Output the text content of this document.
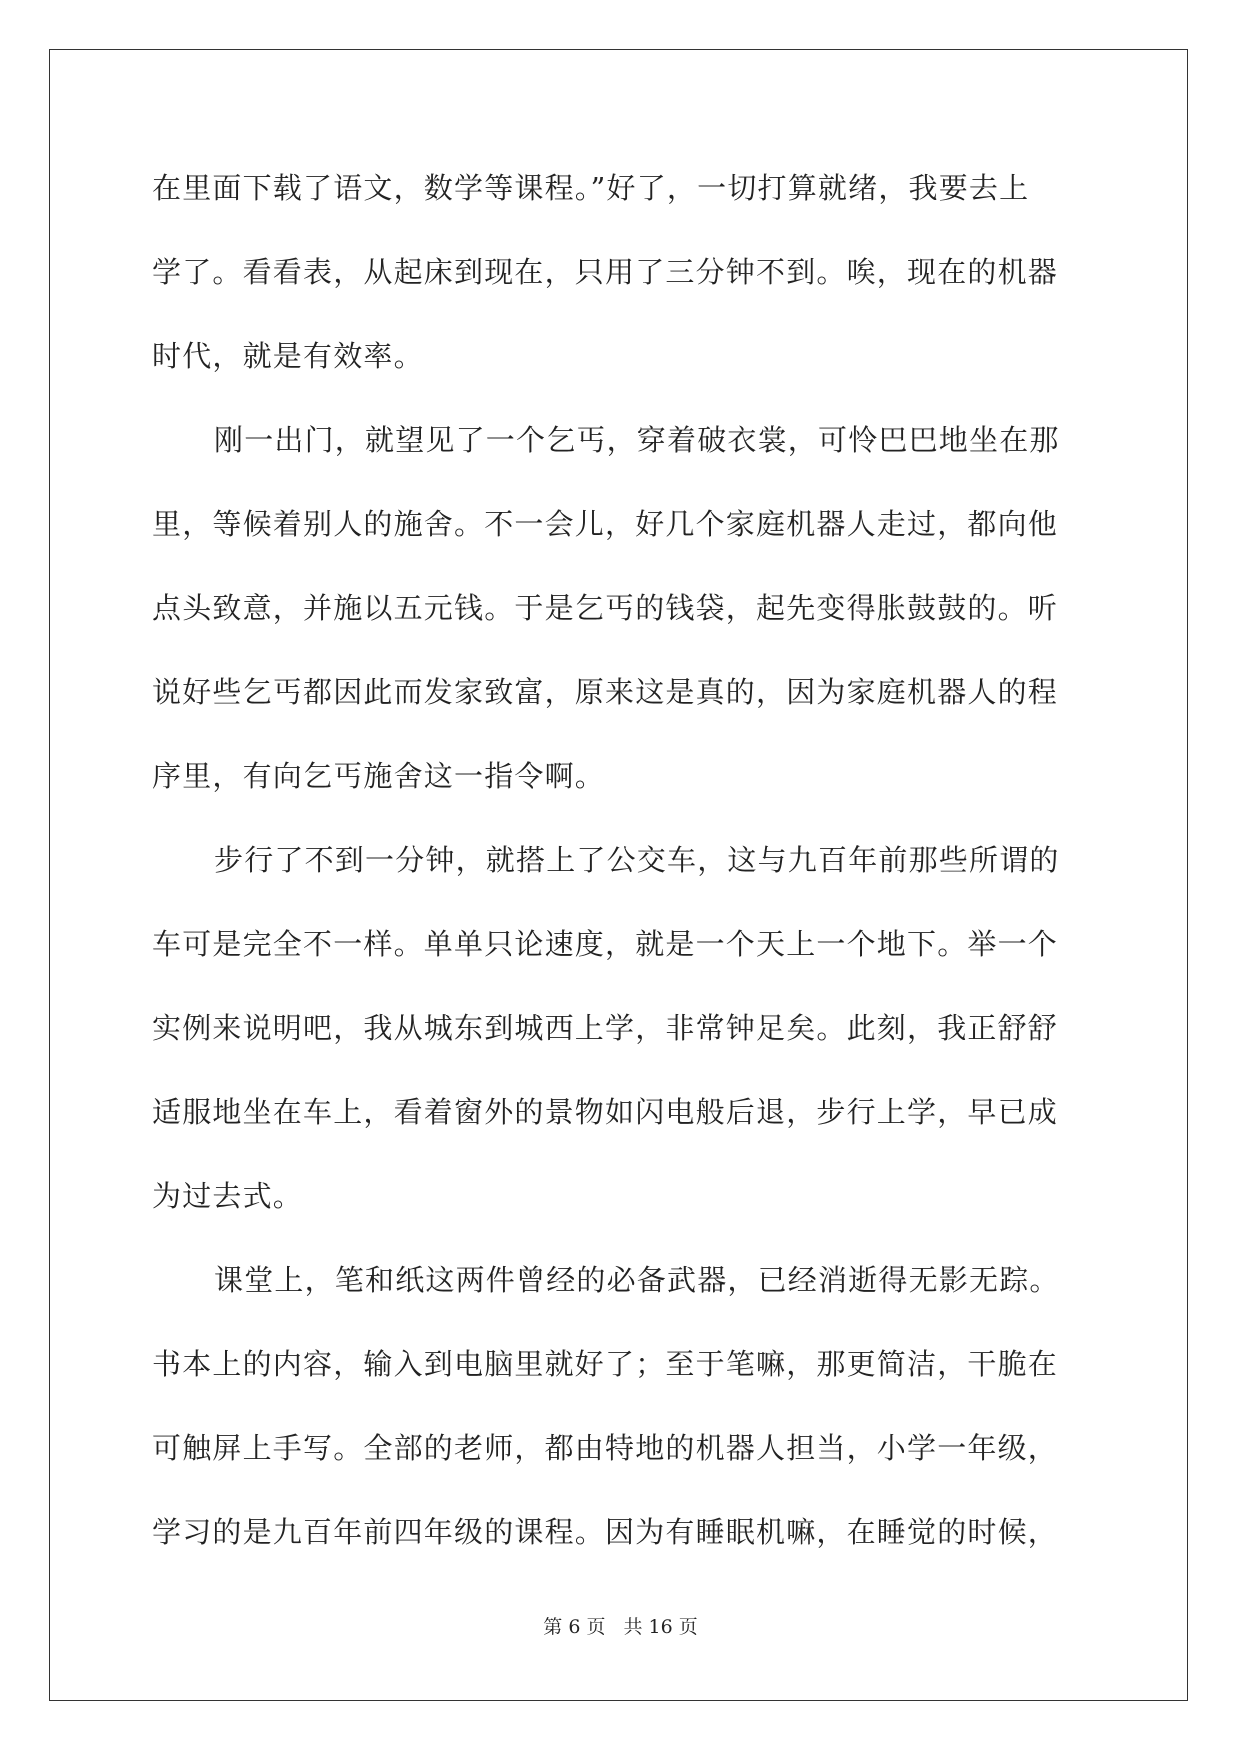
在里面下载了语文，数学等课程。”好了，一切打算就绪，我要去上
学了。看看表，从起床到现在，只用了三分钟不到。唉，现在的机器
时代，就是有效率。
刚一出门，就望见了一个乞丐，穿着破衣裳，可怜巴巴地坐在那
里，等候着别人的施舍。不一会儿，好几个家庭机器人走过，都向他
点头致意，并施以五元钱。于是乞丐的钱袋，起先变得胀鼓鼓的。听
说好些乞丐都因此而发家致富，原来这是真的，因为家庭机器人的程
序里，有向乞丐施舍这一指令啊。
步行了不到一分钟，就搭上了公交车，这与九百年前那些所谓的
车可是完全不一样。单单只论速度，就是一个天上一个地下。举一个
实例来说明吧，我从城东到城西上学，非常钟足矣。此刻，我正舒舒
适服地坐在车上，看着窗外的景物如闪电般后退，步行上学，早已成
为过去式。
课堂上，笔和纸这两件曾经的必备武器，已经消逝得无影无踪。
书本上的内容，输入到电脑里就好了；至于笔嘛，那更简洁，干脆在
可触屏上手写。全部的老师，都由特地的机器人担当，小学一年级，
学习的是九百年前四年级的课程。因为有睡眠机嘛，在睡觉的时候，
第 6 页 共 16 页
